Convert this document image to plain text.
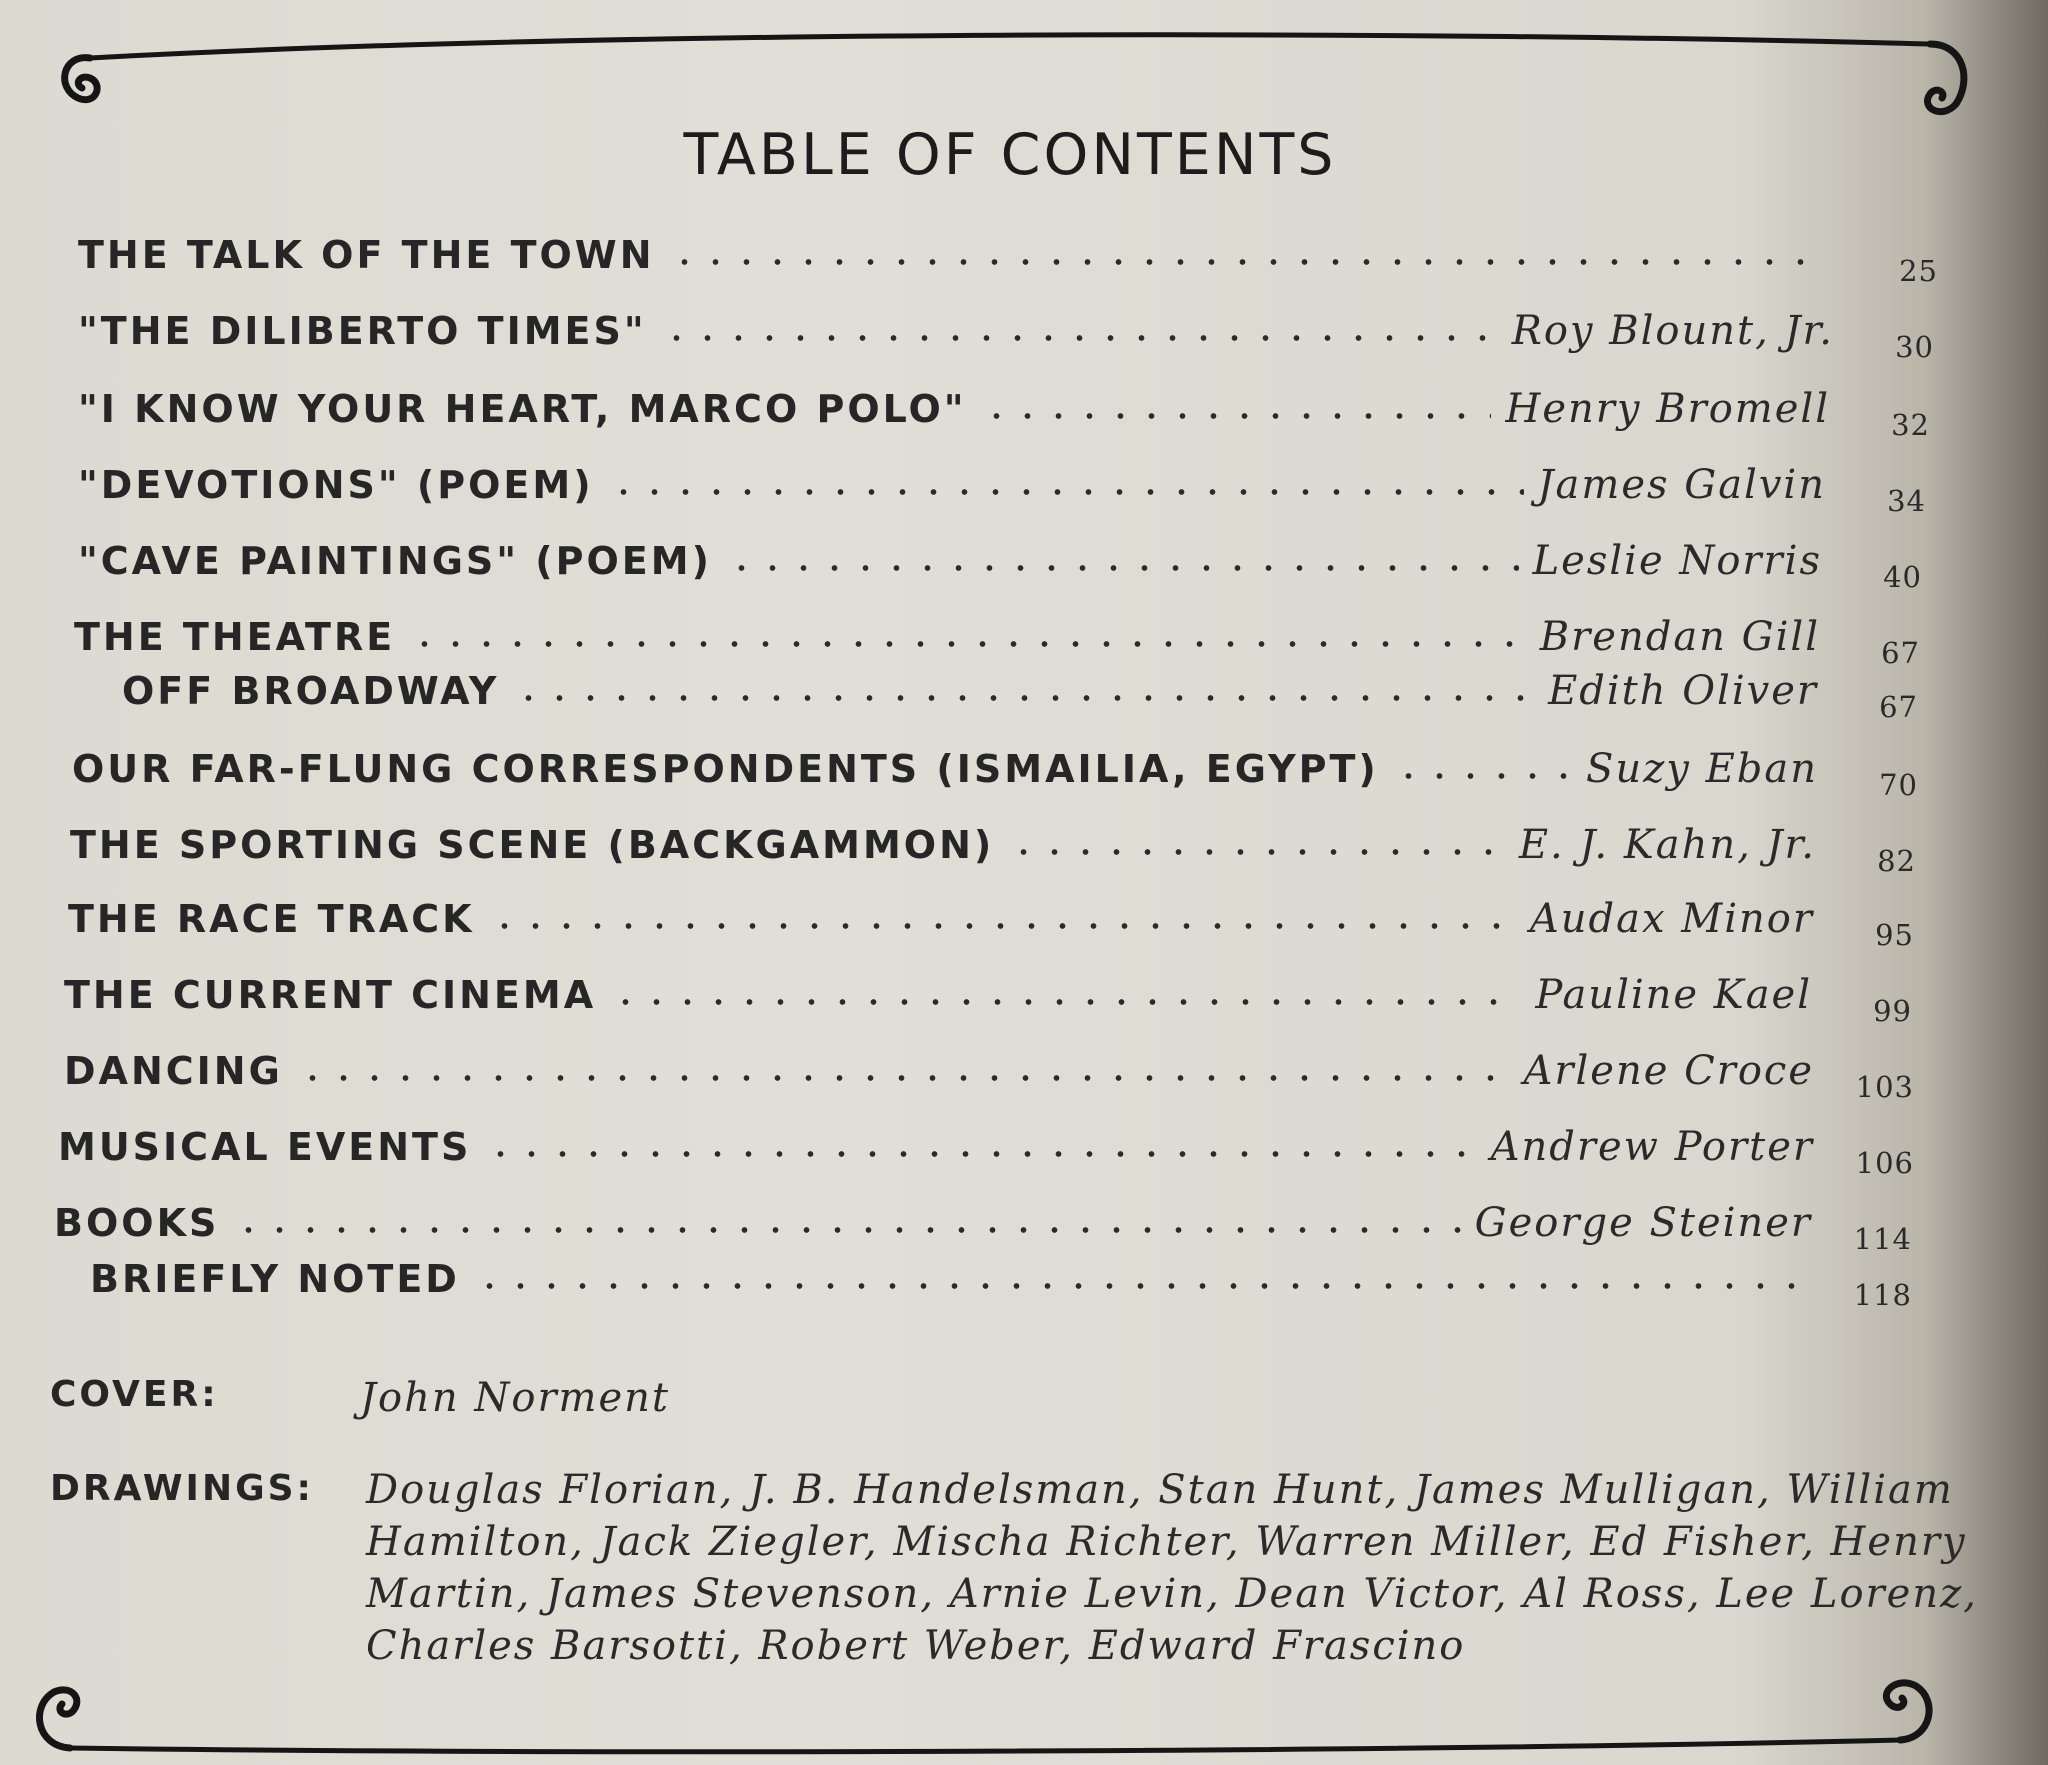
TABLE OF CONTENTS
THE TALK OF THE TOWN	25
"THE DILIBERTO TIMES"	Roy Blount, Jr.	30
"I KNOW YOUR HEART, MARCO POLO"	Henry Bromell	32
"DEVOTIONS" (POEM)	James Galvin	34
"CAVE PAINTINGS" (POEM)	Leslie Norris	40
THE THEATRE	Brendan Gill	67
OFF BROADWAY	Edith Oliver	67
OUR FAR-FLUNG CORRESPONDENTS (ISMAILIA, EGYPT)	Suzy Eban	70
THE SPORTING SCENE (BACKGAMMON)	E. J. Kahn, Jr.	82
THE RACE TRACK	Audax Minor	95
THE CURRENT CINEMA	Pauline Kael	99
DANCING	Arlene Croce	103
MUSICAL EVENTS	Andrew Porter	106
BOOKS	George Steiner	114
BRIEFLY NOTED	118
COVER:	John Norment
DRAWINGS: Douglas Florian, J. B. Handelsman, Stan Hunt, James Mulligan, William
Hamilton, Jack Ziegler, Mischa Richter, Warren Miller, Ed Fisher, Henry
Martin, James Stevenson, Arnie Levin, Dean Victor, Al Ross, Lee Lorenz,
Charles Barsotti, Robert Weber, Edward Frascino
